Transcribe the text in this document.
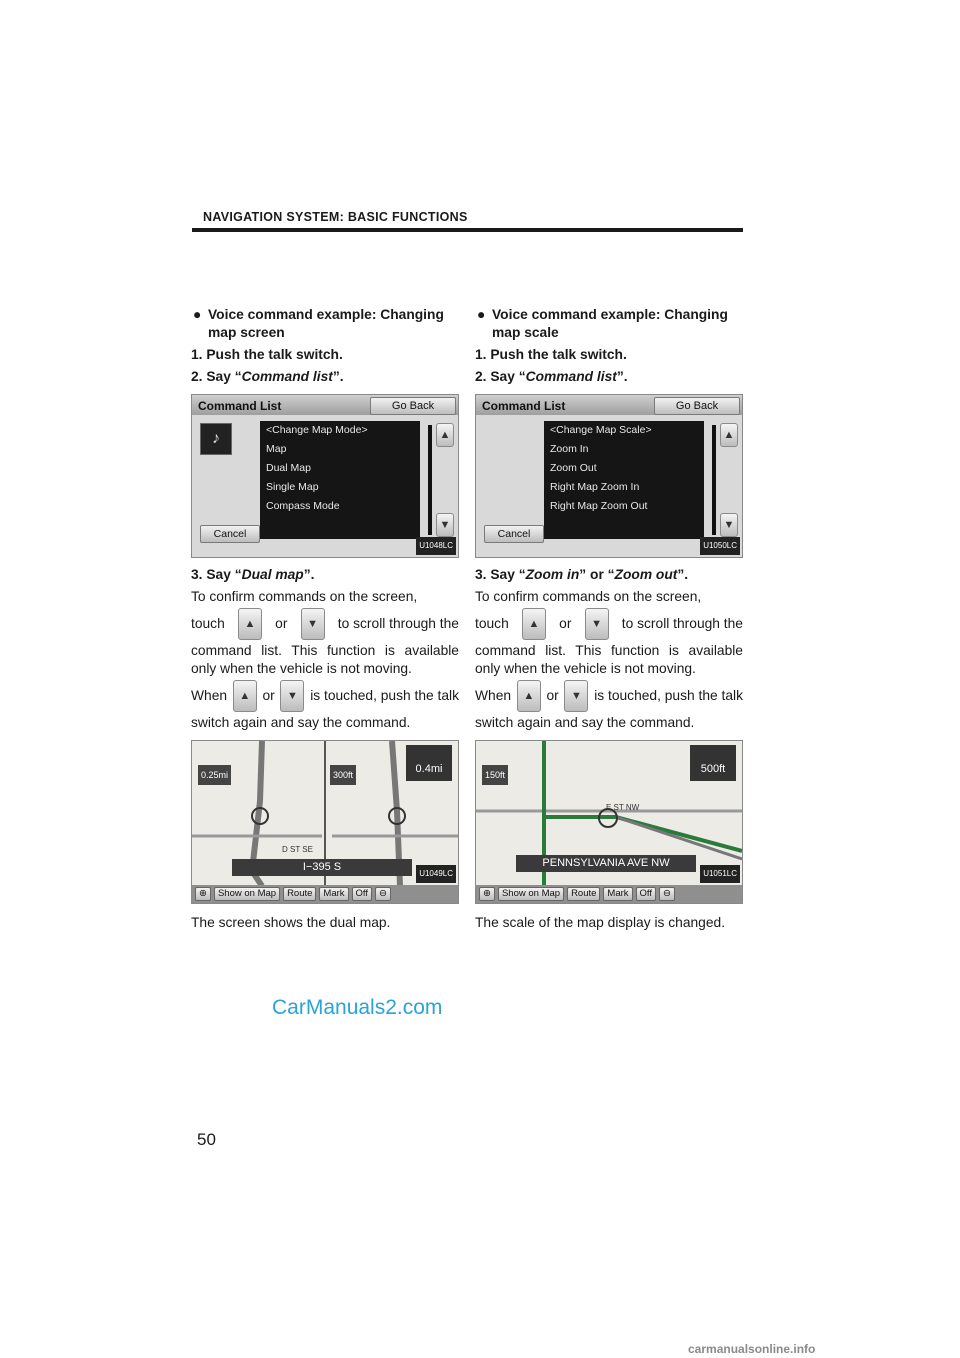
NAVIGATION SYSTEM: BASIC FUNCTIONS
● Voice command example: Changing map screen
1. Push the talk switch.
2. Say “Command list”.
Command List	Go Back
♪	<Change Map Mode>
Map
Dual Map
Single Map
Compass Mode
▲
▼
Cancel
U1048LC
3. Say “Dual map”.

To confirm commands on the screen,

touch	▲	or	▼	to scroll through the

command list. This function is available only when the vehicle is not moving.

When	▲ or	▼ is touched, push the talk

switch again and say the command.

0.25mi	300ft	0.4mi
D ST SE
I−395 S
U1049LC
⊕	Show on Map	Route	Mark	Off	⊖
The screen shows the dual map.
● Voice command example: Changing map scale
1. Push the talk switch.
2. Say “Command list”.
Command List	Go Back
<Change Map Scale>
Zoom In
Zoom Out
Right Map Zoom In
Right Map Zoom Out
▲
▼
Cancel
U1050LC
3. Say “Zoom in” or “Zoom out”.

To confirm commands on the screen,

touch	▲	or	▼	to scroll through the

command list. This function is available only when the vehicle is not moving.

When	▲ or	▼ is touched, push the talk

switch again and say the command.

150ft	500ft
E ST NW
PENNSYLVANIA AVE NW
U1051LC
⊕	Show on Map	Route	Mark	Off	⊖
The scale of the map display is changed.
CarManuals2.com
50
carmanualsonline.info
